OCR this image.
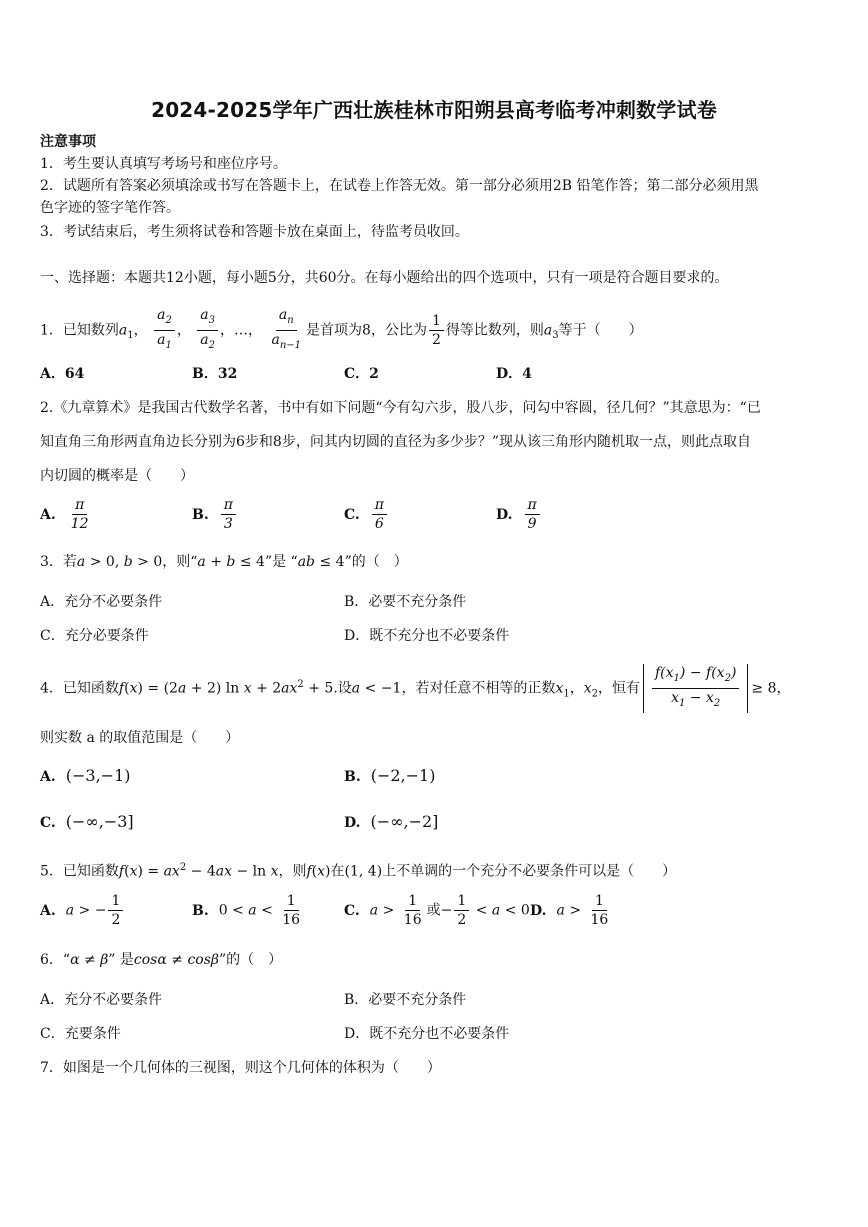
2024-2025学年广西壮族桂林市阳朔县高考临考冲刺数学试卷
注意事项
1．考生要认真填写考场号和座位序号。
2．试题所有答案必须填涂或书写在答题卡上，在试卷上作答无效。第一部分必须用2B 铅笔作答；第二部分必须用黑
色字迹的签字笔作答。
3．考试结束后，考生须将试卷和答题卡放在桌面上，待监考员收回。
一、选择题：本题共12小题，每小题5分，共60分。在每小题给出的四个选项中，只有一项是符合题目要求的。
1．已知数列$a_1$， $\frac{a_2}{a_1}$ ， $\frac{a_3}{a_2}$ ，…， $\frac{a_n}{a_{n-1}}$ 是首项为8，公比为 $\frac{1}{2}$ 得等比数列，则$a_3$等于（　　）
A．64	B．32	C．2	D．4
2.《九章算术》是我国古代数学名著，书中有如下问题“今有勾六步，股八步，问勾中容圆，径几何？”其意思为：“已
知直角三角形两直角边长分别为6步和8步，问其内切圆的直径为多少步？”现从该三角形内随机取一点，则此点取自
内切圆的概率是（　　）
A. $\frac{\pi}{12}$	B. $\frac{\pi}{3}$	C. $\frac{\pi}{6}$	D. $\frac{\pi}{9}$
3．若a > 0, b > 0，则“a + b ≤ 4”是 “ab ≤ 4”的（　）
A．充分不必要条件	B．必要不充分条件
C．充分必要条件	D．既不充分也不必要条件
4．已知函数f(x) = (2a + 2) $\ln x + 2ax^2 + 5$.设a < −1，若对任意不相等的正数$x_1$，$x_2$，恒有 $\frac{f(x_1) - f(x_2)}{x_1 - x_2} \ge 8$，
则实数 a 的取值范围是（　　）
A. (−3,−1)	B. (−2,−1)
C. (−∞,−3]	D. (−∞,−2]
5．已知函数$f(x) = ax^2 - 4ax - \ln x$，则f(x)在(1, 4)上不单调的一个充分不必要条件可以是（　　）
A. a > − $\frac{1}{2}$	B. $0 < a < \frac{1}{16}$	C. $a > \frac{1}{16}$ 或− $\frac{1}{2} < a < 0$ D. $a > \frac{1}{16}$
6．“α ≠ β” 是cosα ≠ cosβ”的（　）
A．充分不必要条件	B．必要不充分条件
C．充要条件	D．既不充分也不必要条件
7．如图是一个几何体的三视图，则这个几何体的体积为（　　）
